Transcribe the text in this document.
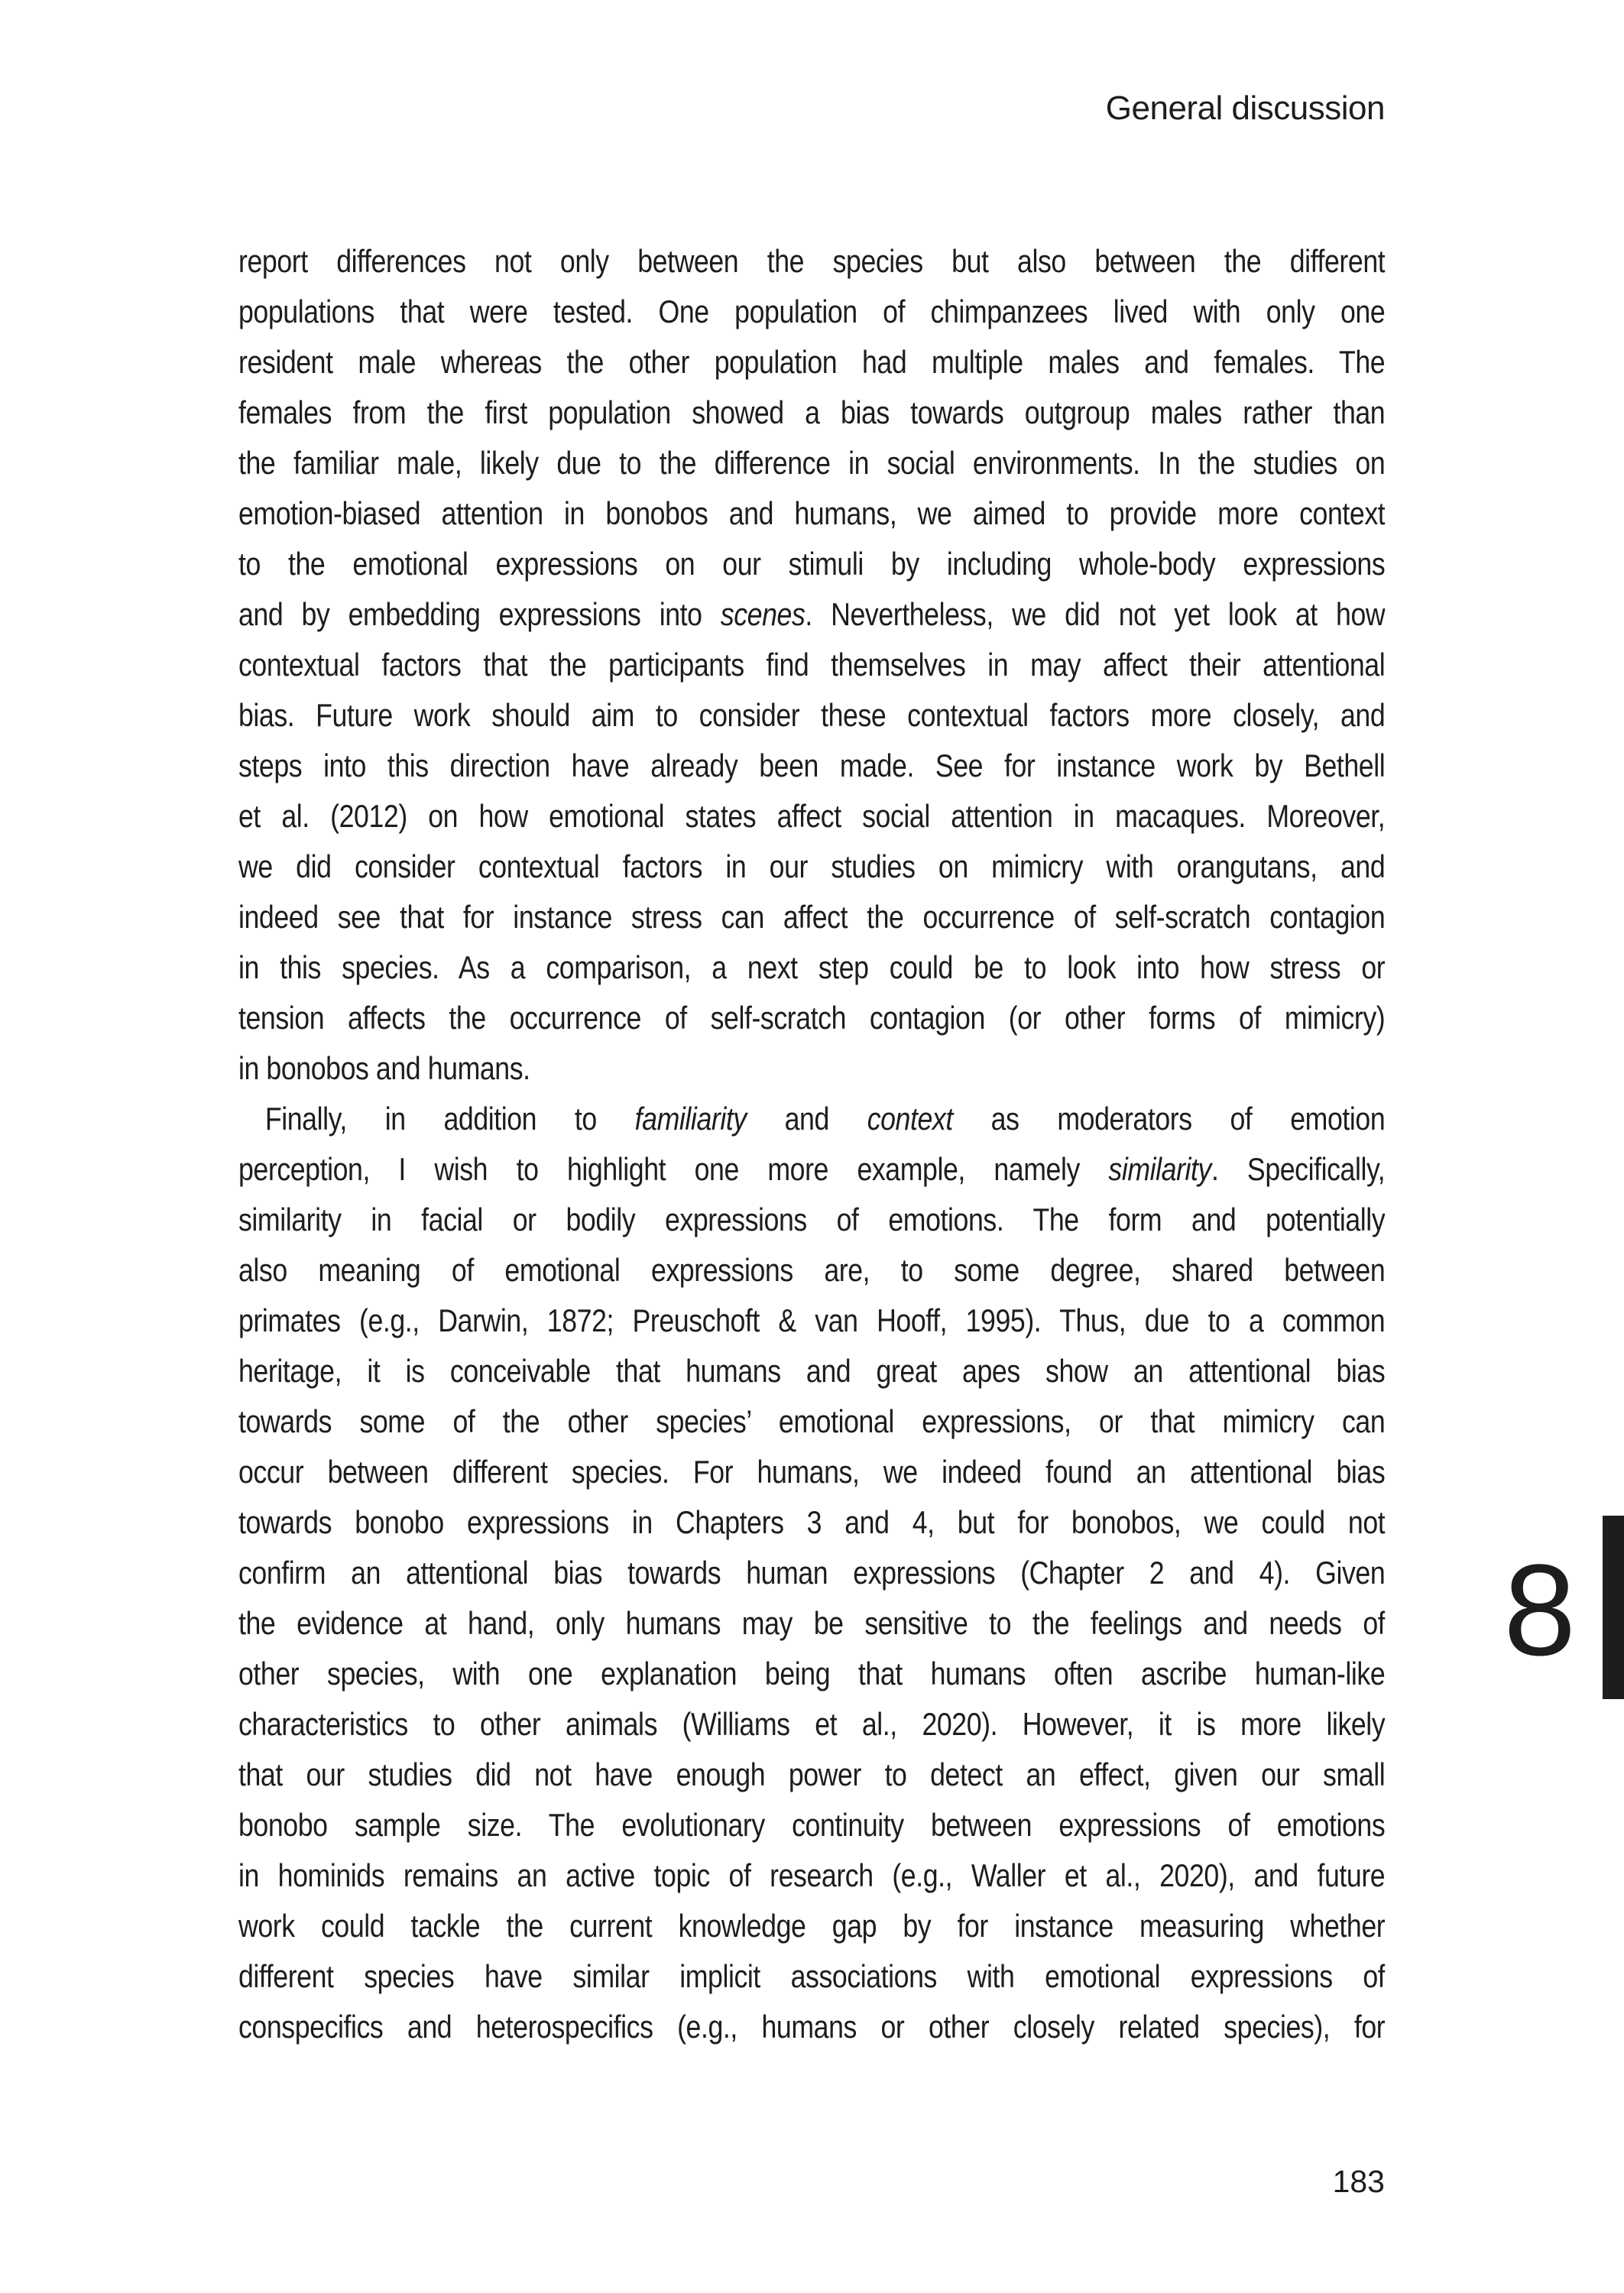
General discussion
report differences not only between the species but also between the different
populations that were tested. One population of chimpanzees lived with only one
resident male whereas the other population had multiple males and females. The
females from the first population showed a bias towards outgroup males rather than
the familiar male, likely due to the difference in social environments. In the studies on
emotion-biased attention in bonobos and humans, we aimed to provide more context
to the emotional expressions on our stimuli by including whole-body expressions
and by embedding expressions into scenes. Nevertheless, we did not yet look at how
contextual factors that the participants find themselves in may affect their attentional
bias. Future work should aim to consider these contextual factors more closely, and
steps into this direction have already been made. See for instance work by Bethell
et al. (2012) on how emotional states affect social attention in macaques. Moreover,
we did consider contextual factors in our studies on mimicry with orangutans, and
indeed see that for instance stress can affect the occurrence of self-scratch contagion
in this species. As a comparison, a next step could be to look into how stress or
tension affects the occurrence of self-scratch contagion (or other forms of mimicry)
in bonobos and humans.
Finally, in addition to familiarity and context as moderators of emotion
perception, I wish to highlight one more example, namely similarity. Specifically,
similarity in facial or bodily expressions of emotions. The form and potentially
also meaning of emotional expressions are, to some degree, shared between
primates (e.g., Darwin, 1872; Preuschoft & van Hooff, 1995). Thus, due to a common
heritage, it is conceivable that humans and great apes show an attentional bias
towards some of the other species’ emotional expressions, or that mimicry can
occur between different species. For humans, we indeed found an attentional bias
towards bonobo expressions in Chapters 3 and 4, but for bonobos, we could not
confirm an attentional bias towards human expressions (Chapter 2 and 4). Given
the evidence at hand, only humans may be sensitive to the feelings and needs of
other species, with one explanation being that humans often ascribe human-like
characteristics to other animals (Williams et al., 2020). However, it is more likely
that our studies did not have enough power to detect an effect, given our small
bonobo sample size. The evolutionary continuity between expressions of emotions
in hominids remains an active topic of research (e.g., Waller et al., 2020), and future
work could tackle the current knowledge gap by for instance measuring whether
different species have similar implicit associations with emotional expressions of
conspecifics and heterospecifics (e.g., humans or other closely related species), for
8
183
